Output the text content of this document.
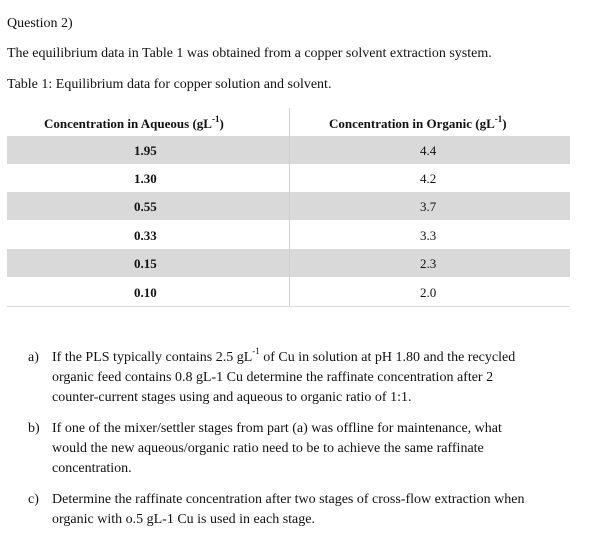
Question 2)
The equilibrium data in Table 1 was obtained from a copper solvent extraction system.
Table 1: Equilibrium data for copper solution and solvent.
Concentration in Aqueous $(gL^{-1})$	Concentration in Organic $(gL^{-1})$
1.95	4.4
1.30	4.2
0.55	3.7
0.33	3.3
0.15	2.3
0.10	2.0
a) If the PLS typically contains 2.5 $gL^{-1}$ of Cu in solution at pH 1.80 and the recycled
organic feed contains 0.8 gL-1 Cu determine the raffinate concentration after 2
counter-current stages using and aqueous to organic ratio of 1:1.
b) If one of the mixer/settler stages from part (a) was offline for maintenance, what
would the new aqueous/organic ratio need to be to achieve the same raffinate
concentration.
c) Determine the raffinate concentration after two stages of cross-flow extraction when
organic with o.5 gL-1 Cu is used in each stage.
